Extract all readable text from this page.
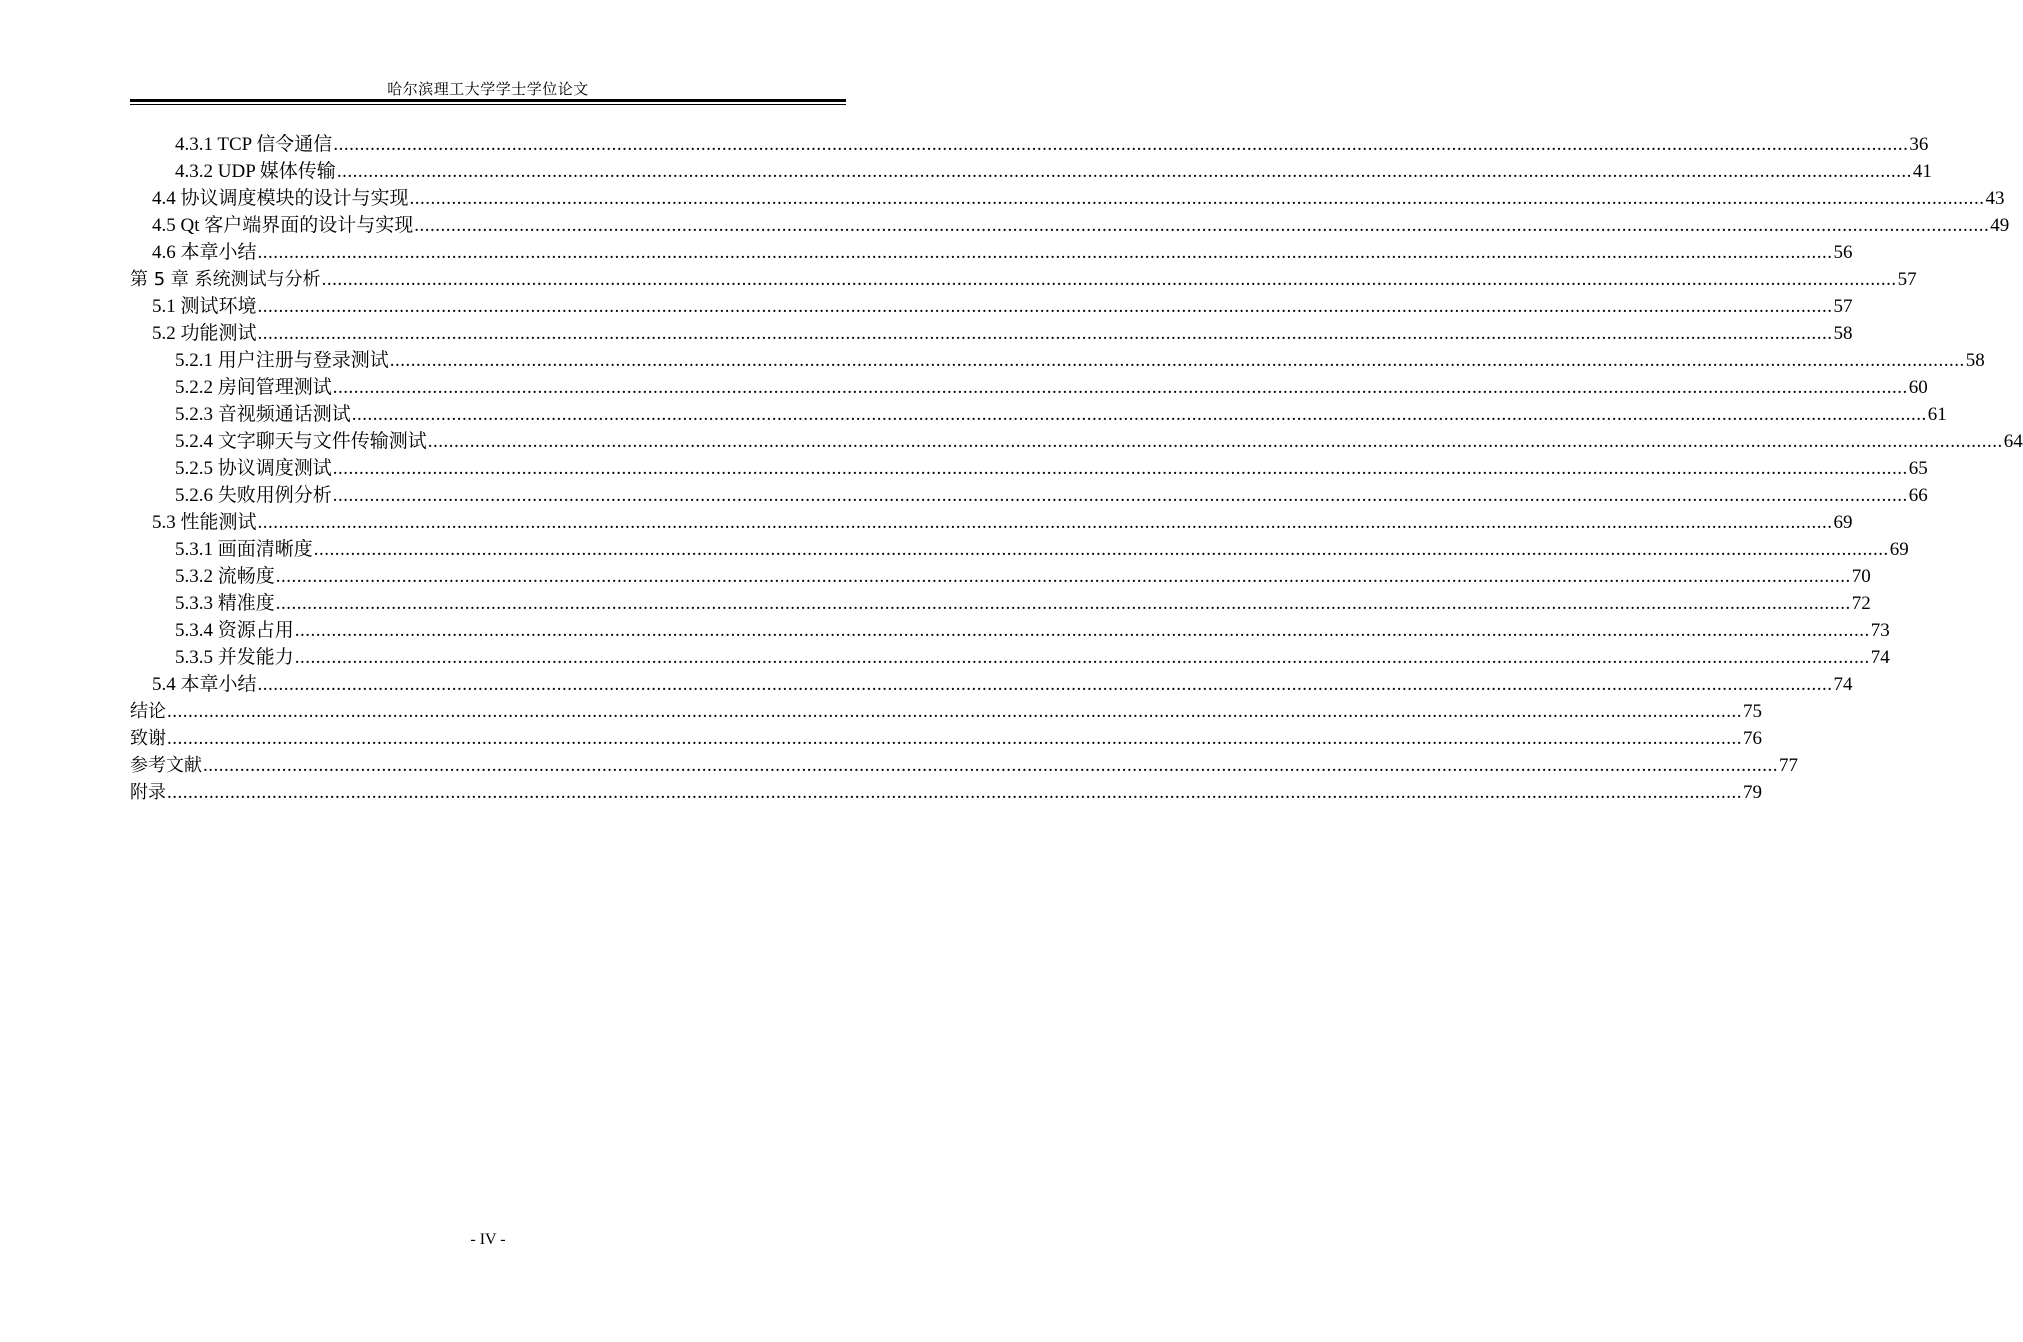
哈尔滨理工大学学士学位论文
4.3.1 TCP 信令通信 ............................................................................................................................................................................................................................................................................................................ 36
4.3.2 UDP 媒体传输 ............................................................................................................................................................................................................................................................................................................ 41
4.4 协议调度模块的设计与实现 ............................................................................................................................................................................................................................................................................................................ 43
4.5 Qt 客户端界面的设计与实现 ............................................................................................................................................................................................................................................................................................................ 49
4.6 本章小结 ............................................................................................................................................................................................................................................................................................................ 56
第 5 章 系统测试与分析 ............................................................................................................................................................................................................................................................................................................ 57
5.1 测试环境 ............................................................................................................................................................................................................................................................................................................ 57
5.2 功能测试 ............................................................................................................................................................................................................................................................................................................ 58
5.2.1 用户注册与登录测试 ............................................................................................................................................................................................................................................................................................................ 58
5.2.2 房间管理测试 ............................................................................................................................................................................................................................................................................................................ 60
5.2.3 音视频通话测试 ............................................................................................................................................................................................................................................................................................................ 61
5.2.4 文字聊天与文件传输测试 ............................................................................................................................................................................................................................................................................................................ 64
5.2.5 协议调度测试 ............................................................................................................................................................................................................................................................................................................ 65
5.2.6 失败用例分析 ............................................................................................................................................................................................................................................................................................................ 66
5.3 性能测试 ............................................................................................................................................................................................................................................................................................................ 69
5.3.1 画面清晰度 ............................................................................................................................................................................................................................................................................................................ 69
5.3.2 流畅度 ............................................................................................................................................................................................................................................................................................................ 70
5.3.3 精准度 ............................................................................................................................................................................................................................................................................................................ 72
5.3.4 资源占用 ............................................................................................................................................................................................................................................................................................................ 73
5.3.5 并发能力 ............................................................................................................................................................................................................................................................................................................ 74
5.4 本章小结 ............................................................................................................................................................................................................................................................................................................ 74
结论 ............................................................................................................................................................................................................................................................................................................ 75
致谢 ............................................................................................................................................................................................................................................................................................................ 76
参考文献 ............................................................................................................................................................................................................................................................................................................ 77
附录 ............................................................................................................................................................................................................................................................................................................ 79
- IV -
